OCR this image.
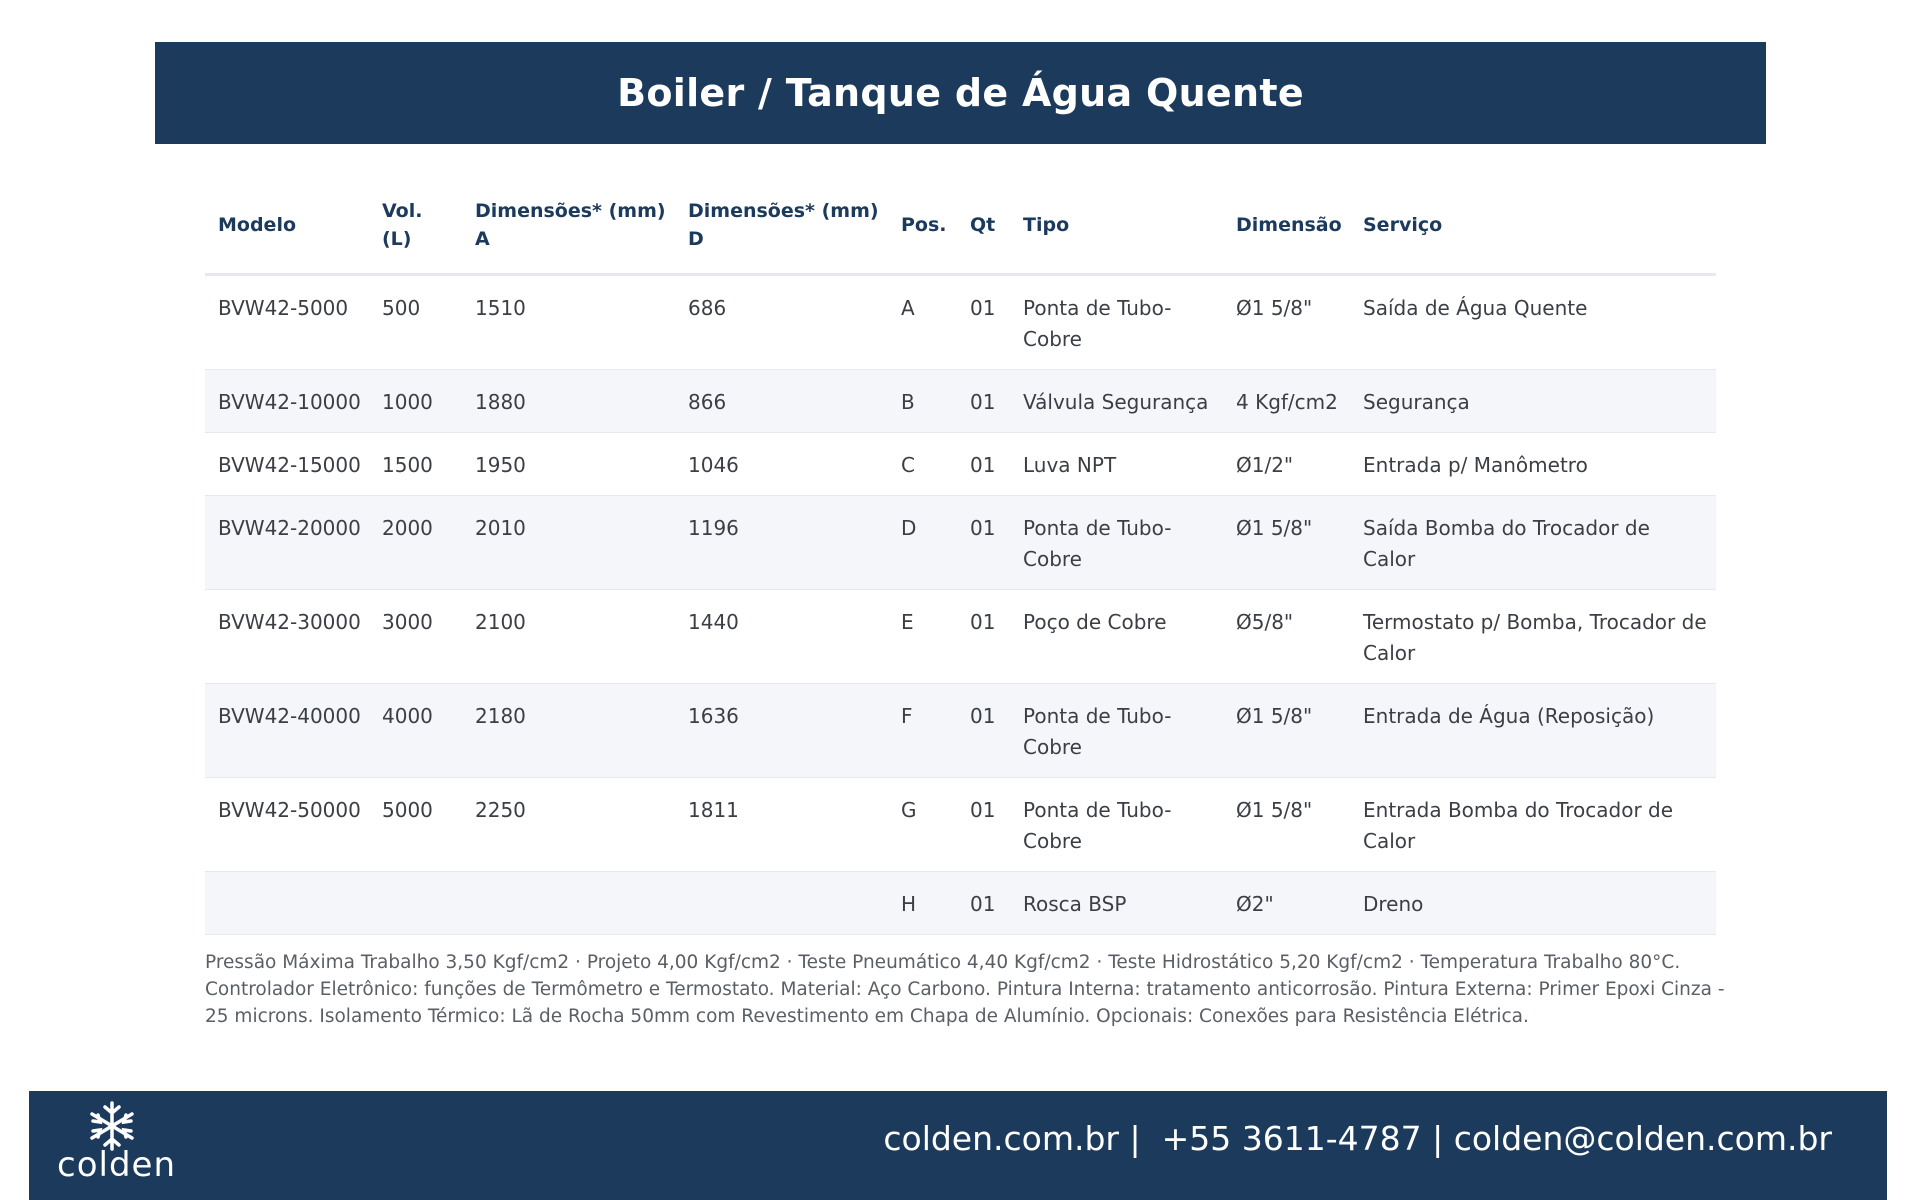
Boiler / Tanque de Água Quente
Modelo	Vol. (L)	Dimensões* (mm) A	Dimensões* (mm) D	Pos.	Qt	Tipo	Dimensão	Serviço
BVW42-5000	500	1510	686	A	01	Ponta de Tubo-Cobre	Ø1 5/8"	Saída de Água Quente
BVW42-10000	1000	1880	866	B	01	Válvula Segurança	4 Kgf/cm2	Segurança
BVW42-15000	1500	1950	1046	C	01	Luva NPT	Ø1/2"	Entrada p/ Manômetro
BVW42-20000	2000	2010	1196	D	01	Ponta de Tubo-Cobre	Ø1 5/8"	Saída Bomba do Trocador de Calor
BVW42-30000	3000	2100	1440	E	01	Poço de Cobre	Ø5/8"	Termostato p/ Bomba, Trocador de Calor
BVW42-40000	4000	2180	1636	F	01	Ponta de Tubo-Cobre	Ø1 5/8"	Entrada de Água (Reposição)
BVW42-50000	5000	2250	1811	G	01	Ponta de Tubo-Cobre	Ø1 5/8"	Entrada Bomba do Trocador de Calor
				H	01	Rosca BSP	Ø2"	Dreno

Pressão Máxima Trabalho 3,50 Kgf/cm2 · Projeto 4,00 Kgf/cm2 · Teste Pneumático 4,40 Kgf/cm2 · Teste Hidrostático 5,20 Kgf/cm2 · Temperatura Trabalho 80°C. Controlador Eletrônico: funções de Termômetro e Termostato. Material: Aço Carbono. Pintura Interna: tratamento anticorrosão. Pintura Externa: Primer Epoxi Cinza - 25 microns. Isolamento Térmico: Lã de Rocha 50mm com Revestimento em Chapa de Alumínio. Opcionais: Conexões para Resistência Elétrica.

colden
colden.com.br |  +55 3611-4787 | colden@colden.com.br
